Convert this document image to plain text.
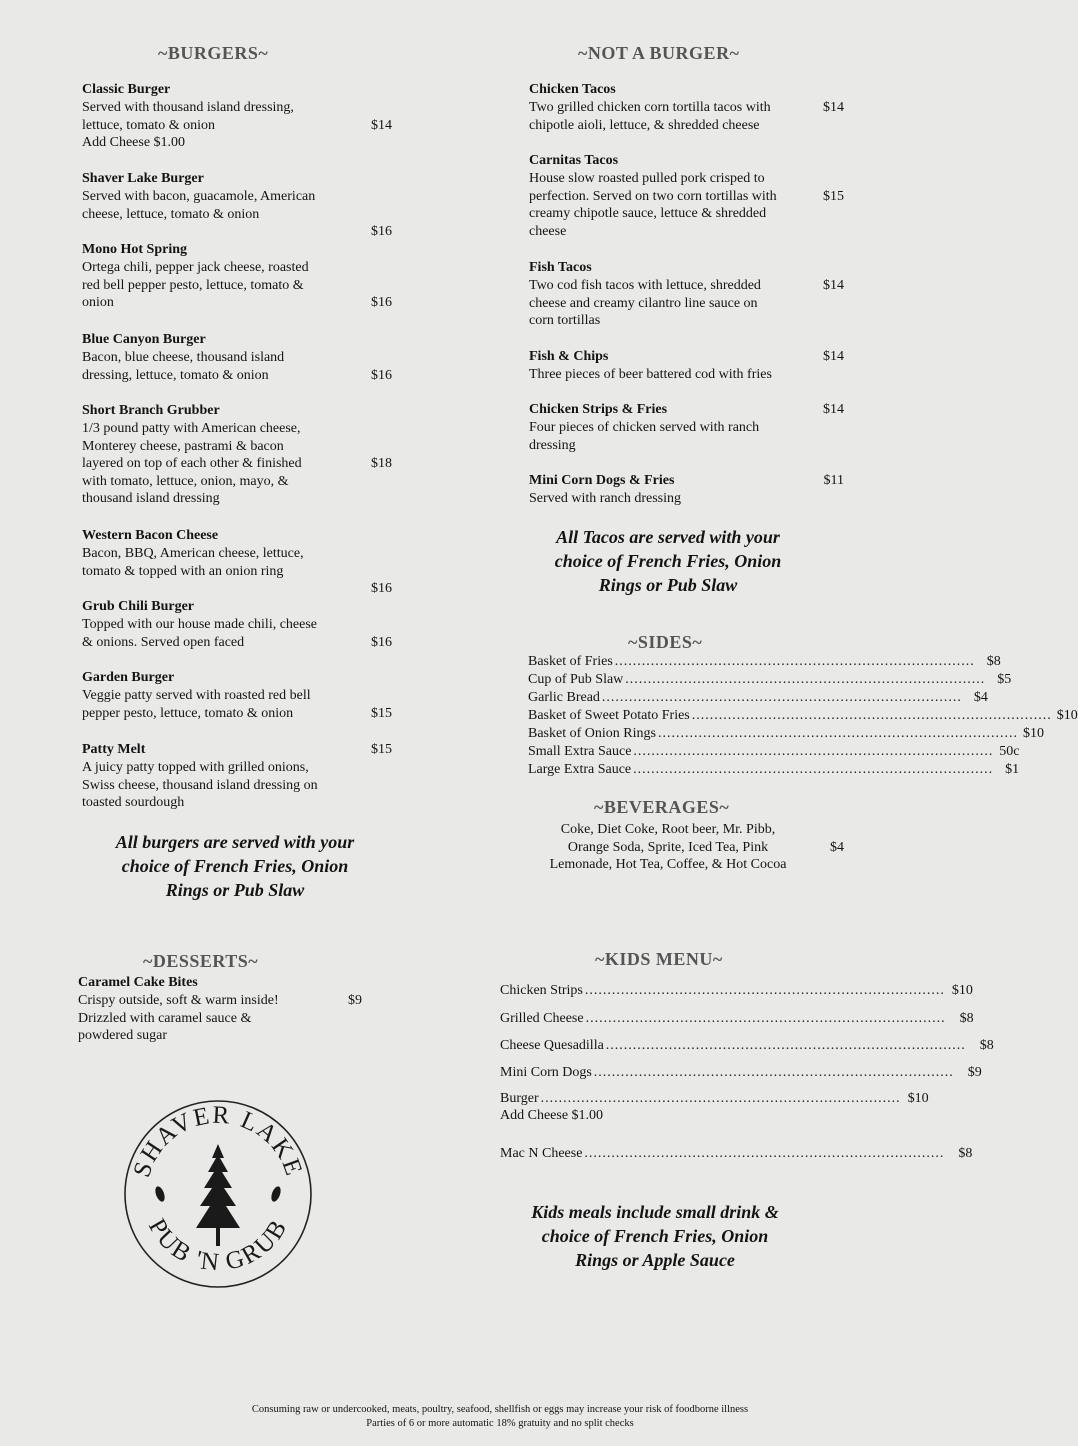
~BURGERS~
Classic Burger
Served with thousand island dressing,
lettuce, tomato & onion
Add Cheese $1.00
$14
Shaver Lake Burger
Served with bacon, guacamole, American
cheese, lettuce, tomato & onion
$16
Mono Hot Spring
Ortega chili, pepper jack cheese, roasted
red bell pepper pesto, lettuce, tomato &
onion	$16
Blue Canyon Burger
Bacon, blue cheese, thousand island
dressing, lettuce, tomato & onion	$16
Short Branch Grubber
1/3 pound patty with American cheese,
Monterey cheese, pastrami & bacon
layered on top of each other & finished
with tomato, lettuce, onion, mayo, &
thousand island dressing
$18
Western Bacon Cheese
Bacon, BBQ, American cheese, lettuce,
tomato & topped with an onion ring
$16
Grub Chili Burger
Topped with our house made chili, cheese
& onions. Served open faced	$16
Garden Burger
Veggie patty served with roasted red bell
pepper pesto, lettuce, tomato & onion	$15
Patty Melt
A juicy patty topped with grilled onions,
Swiss cheese, thousand island dressing on
toasted sourdough
$15
All burgers are served with your
choice of French Fries, Onion
Rings or Pub Slaw
~NOT A BURGER~
Chicken Tacos
Two grilled chicken corn tortilla tacos with
chipotle aioli, lettuce, & shredded cheese
$14
Carnitas Tacos
House slow roasted pulled pork crisped to
perfection. Served on two corn tortillas with
creamy chipotle sauce, lettuce & shredded
cheese
$15
Fish Tacos
Two cod fish tacos with lettuce, shredded
cheese and creamy cilantro line sauce on
corn tortillas
$14
Fish & Chips
Three pieces of beer battered cod with fries
$14
Chicken Strips & Fries
Four pieces of chicken served with ranch
dressing
$14
Mini Corn Dogs & Fries
Served with ranch dressing
$11
All Tacos are served with your
choice of French Fries, Onion
Rings or Pub Slaw
~SIDES~
Basket of Fries ................................................................................ $8
Cup of Pub Slaw ................................................................................ $5
Garlic Bread ................................................................................ $4
Basket of Sweet Potato Fries ................................................................................ $10
Basket of Onion Rings ................................................................................ $10
Small Extra Sauce ................................................................................ 50c
Large Extra Sauce ................................................................................ $1
~BEVERAGES~
Coke, Diet Coke, Root beer, Mr. Pibb,
Orange Soda, Sprite, Iced Tea, Pink
Lemonade, Hot Tea, Coffee, & Hot Cocoa
$4
~DESSERTS~
Caramel Cake Bites
Crispy outside, soft & warm inside!
Drizzled with caramel sauce &
powdered sugar
$9
SHAVER LAKE
PUB 'N GRUB
~KIDS MENU~
Chicken Strips ................................................................................ $10
Grilled Cheese ................................................................................	$8
Cheese Quesadilla ................................................................................	$8
Mini Corn Dogs ................................................................................	$9
Burger ................................................................................ $10
Add Cheese $1.00
Mac N Cheese ................................................................................	$8
Kids meals include small drink &
choice of French Fries, Onion
Rings or Apple Sauce
Consuming raw or undercooked, meats, poultry, seafood, shellfish or eggs may increase your risk of foodborne illness
Parties of 6 or more automatic 18% gratuity and no split checks
